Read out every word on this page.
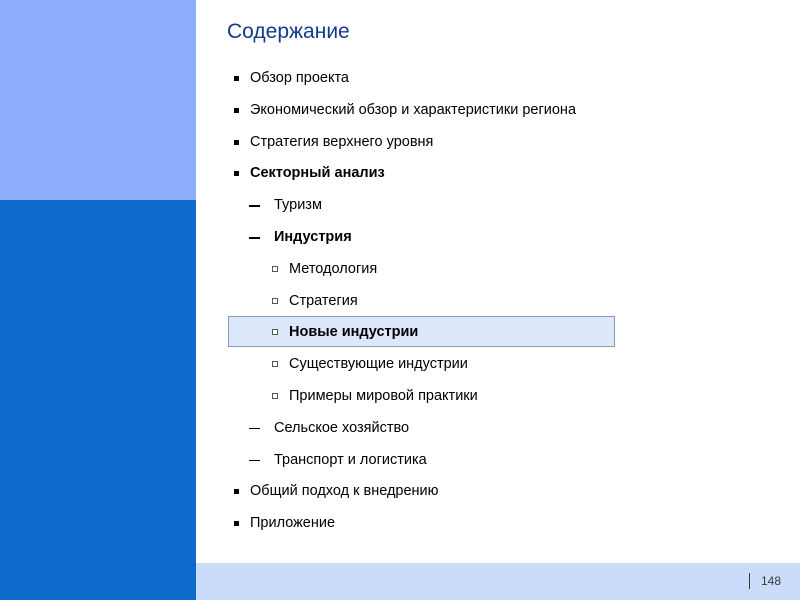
Содержание
Обзор проекта
Экономический обзор и характеристики региона
Стратегия верхнего уровня
Секторный анализ
Туризм
Индустрия
Методология
Стратегия
Новые индустрии
Существующие индустрии
Примеры мировой практики
Сельское хозяйство
Транспорт и логистика
Общий подход к внедрению
Приложение
148
